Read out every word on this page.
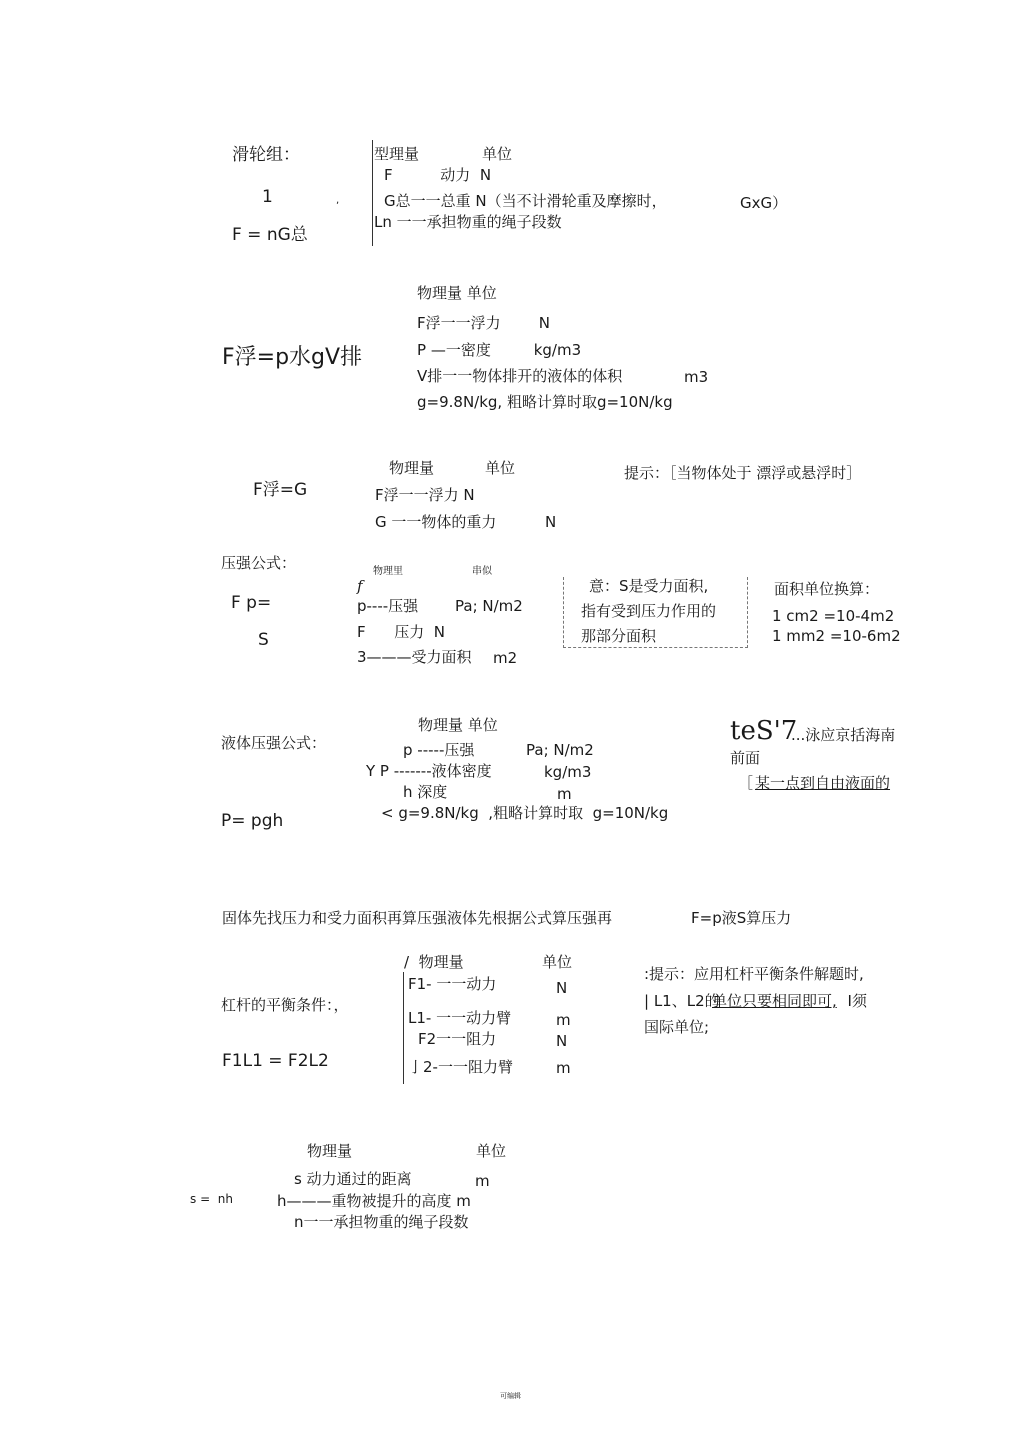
滑轮组：
1	,
F = nG总
型理量	单位
F          动力  N
G总一一总重 N（当不计滑轮重及摩擦时，	GxG）
Ln 一一承担物重的绳子段数
F浮=p水gV排
物理量 单位
F浮一一浮力        N
P —一密度         kg/m3
V排一一物体排开的液体的体积	m3
g=9.8N/kg, 粗略计算时取g=10N/kg
F浮=G
物理量	单位
F浮一一浮力 N
G 一一物体的重力	N
提示：［当物体处于 漂浮或悬浮时］
压强公式：
F p=
S
物理里	串似
f
p----压强 Pa; N/m2
F      压力  N
3———受力面积 m2
意：S是受力面积,
指有受到压力作用的
那部分面积
面积单位换算：
1 cm2 =10-4m2
1 mm2 =10-6m2
液体压强公式：
P= pgh
物理量 单位
p -----压强	Pa; N/m2
Y P -------液体密度	kg/m3
h 深度	m
< g=9.8N/kg  ,粗略计算时取  g=10N/kg
teS'7
...泳应京括海南
前面
［ 某一点到自由液面的
固体先找压力和受力面积再算压强液体先根据公式算压强再	F=p液S算压力
杠杆的平衡条件：，
F1L1 = F2L2
/  物理量	单位
F1- 一一动力	N
L1- 一一动力臂	m
F2一一阻力	N
亅2-一一阻力臂	m
:提示：应用杠杆平衡条件解题时,
| L1、L2的
单位只要相同即可, I须
国际单位;
s =  nh
物理量	单位
s 动力通过的距离	m
h———重物被提升的高度 m
n一一承担物重的绳子段数
可编辑
